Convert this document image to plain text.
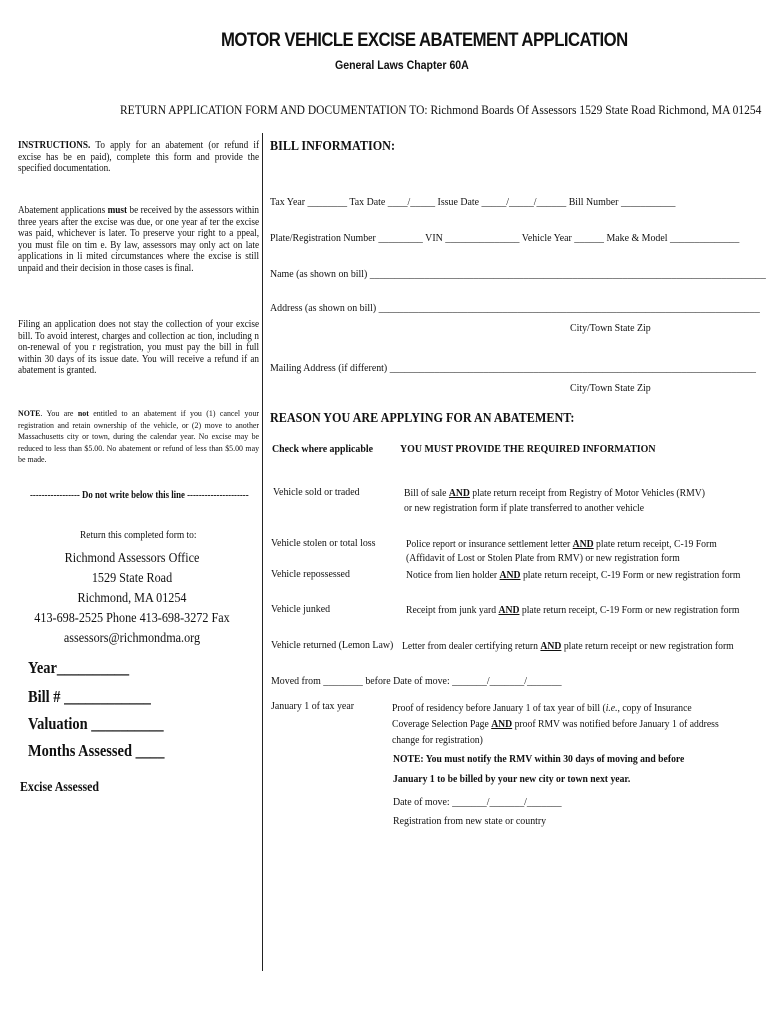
MOTOR VEHICLE EXCISE ABATEMENT APPLICATION
General Laws Chapter 60A
RETURN APPLICATION FORM AND DOCUMENTATION TO: Richmond Boards Of Assessors 1529 State Road Richmond, MA 01254
INSTRUCTIONS. To apply for an abatement (or refund if excise has be en paid), complete this form and provide the specified documentation.
Abatement applications must be received by the assessors within three years after the excise was due, or one year af ter the excise was paid, whichever is later. To preserve your right to a ppeal, you must file on tim e. By law, assessors may only act on late applications in li mited circumstances where the excise is still unpaid and their decision in those cases is final.
Filing an application does not stay the collection of your excise bill. To avoid interest, charges and collection ac tion, including n on-renewal of you r registration, you must pay the bill in full within 30 days of its issue date. You will receive a refund if an abatement is granted.
NOTE. You are not entitled to an abatement if you (1) cancel your registration and retain ownership of the vehicle, or (2) move to another Massachusetts city or town, during the calendar year. No excise may be reduced to less than $5.00. No abatement or refund of less than $5.00 may be made.
----------------- Do not write below this line ---------------------
Return this completed form to:
Richmond Assessors Office
1529 State Road
Richmond, MA 01254
413-698-2525 Phone 413-698-3272 Fax
assessors@richmondma.org
Year__________
Bill # ____________
Valuation __________
Months Assessed ____
Excise Assessed
BILL INFORMATION:
Tax Year ________ Tax Date ____/_____ Issue Date _____/_____/______ Bill Number ___________
Plate/Registration Number _________ VIN _______________ Vehicle Year ______ Make & Model ______________
Name (as shown on bill) ________________________________________________________________________________
Address (as shown on bill) _____________________________________________________________________________
City/Town State Zip
Mailing Address (if different) __________________________________________________________________________
City/Town State Zip
REASON YOU ARE APPLYING FOR AN ABATEMENT:
Check where applicable YOU MUST PROVIDE THE REQUIRED INFORMATION
Vehicle sold or traded	Bill of sale AND plate return receipt from Registry of Motor Vehicles (RMV) or new registration form if plate transferred to another vehicle
Vehicle stolen or total loss	Police report or insurance settlement letter AND plate return receipt, C-19 Form (Affidavit of Lost or Stolen Plate from RMV) or new registration form
Vehicle repossessed	Notice from lien holder AND plate return receipt, C-19 Form or new registration form
Vehicle junked	Receipt from junk yard AND plate return receipt, C-19 Form or new registration form
Vehicle returned (Lemon Law) Letter from dealer certifying return AND plate return receipt or new registration form
Moved from ________ before Date of move: _______/_______/_______
January 1 of tax year	Proof of residency before January 1 of tax year of bill (i.e., copy of Insurance Coverage Selection Page AND proof RMV was notified before January 1 of address change for registration)
NOTE: You must notify the RMV within 30 days of moving and before January 1 to be billed by your new city or town next year.
Date of move: _______/_______/_______
Registration from new state or country
